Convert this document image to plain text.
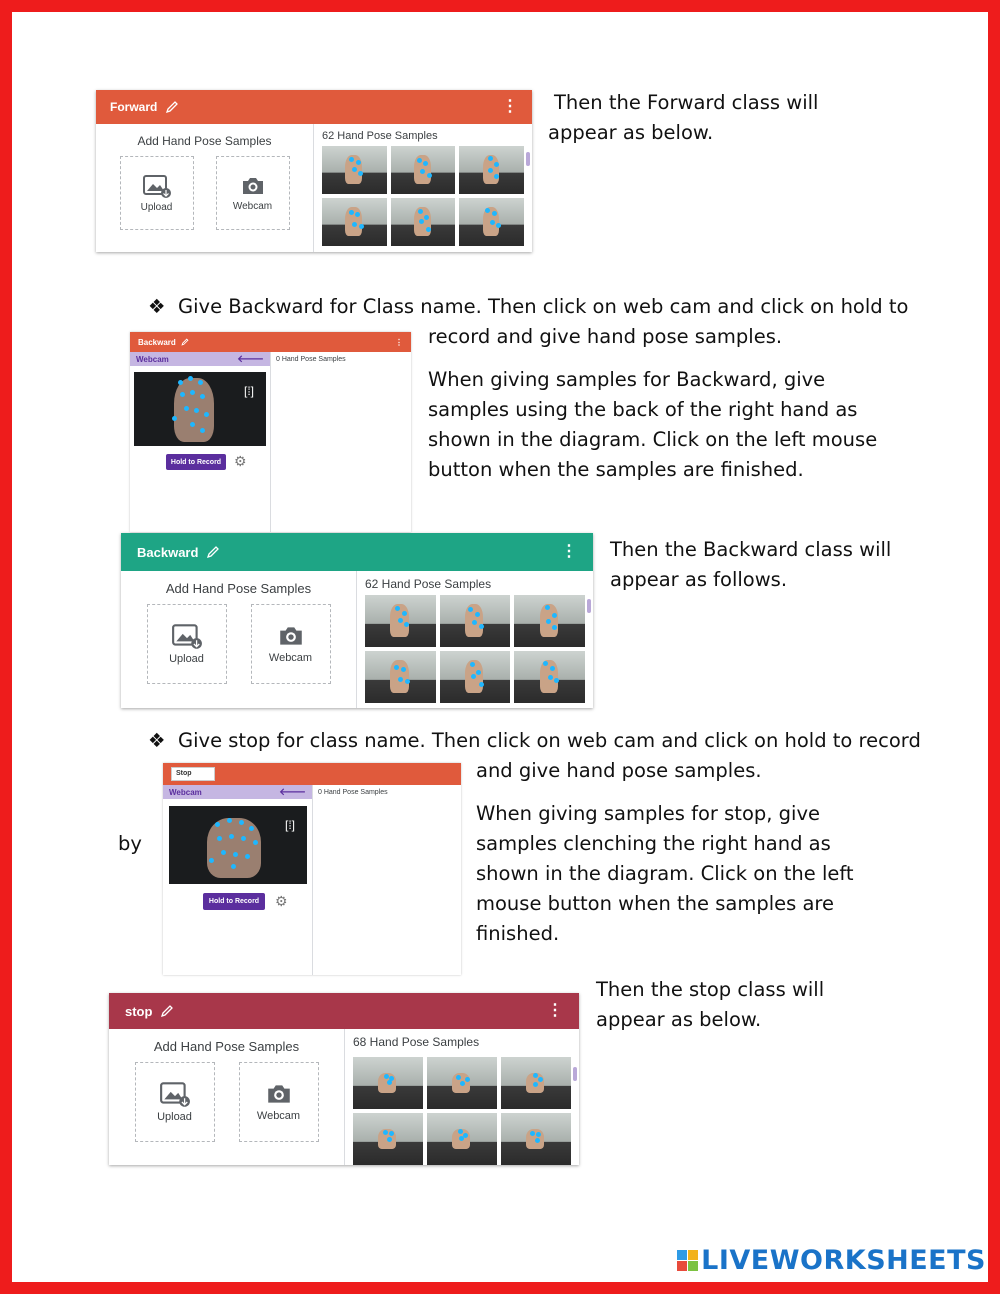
Forward	⋮
Add Hand Pose Samples
Upload	Webcam
62 Hand Pose Samples

Then the Forward class will appear as below.

❖ Give Backward for Class name. Then click on web cam and click on hold to

record and give hand pose samples.

When giving samples for Backward, give samples using the back of the right hand as shown in the diagram. Click on the left mouse button when the samples are finished.

Backward	⋮
Webcam	🡐
[⁞]
Hold to Record ⚙
0 Hand Pose Samples
Backward	⋮
Add Hand Pose Samples
Upload	Webcam
62 Hand Pose Samples

Then the Backward class will appear as follows.

❖ Give stop for class name. Then click on web cam and click on hold to record

and give hand pose samples.

When giving samples for stop, give samples clenching the right hand as shown in the diagram. Click on the left mouse button when the samples are finished.

by

Stop
Webcam	🡐
[⁞]
Hold to Record	⚙
0 Hand Pose Samples
stop	⋮
Add Hand Pose Samples
Upload	Webcam
68 Hand Pose Samples

Then the stop class will appear as below.

LIVEWORKSHEETS
